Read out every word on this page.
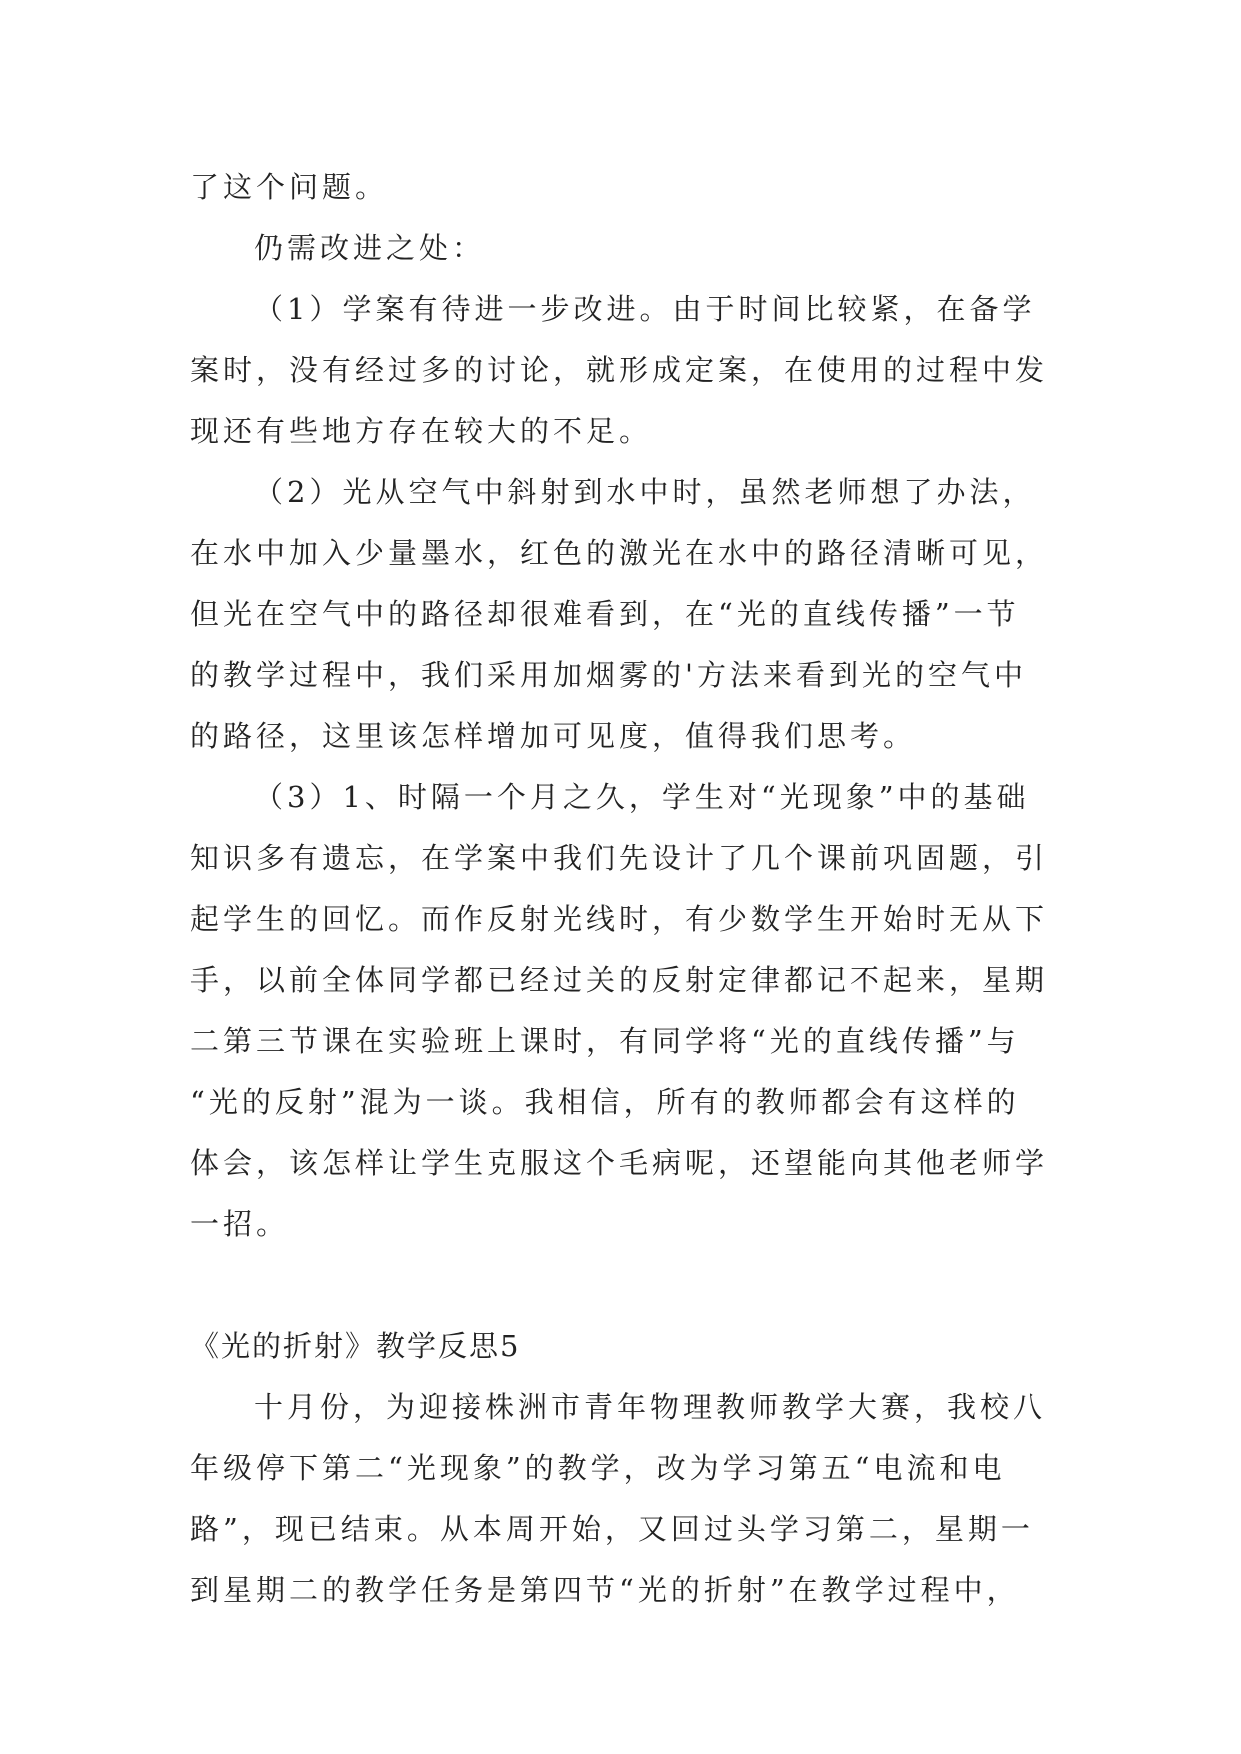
了这个问题。
仍需改进之处：
（1）学案有待进一步改进。由于时间比较紧，在备学
案时，没有经过多的讨论，就形成定案，在使用的过程中发
现还有些地方存在较大的不足。
（2）光从空气中斜射到水中时，虽然老师想了办法，
在水中加入少量墨水，红色的激光在水中的路径清晰可见，
但光在空气中的路径却很难看到，在“光的直线传播”一节
的教学过程中，我们采用加烟雾的'方法来看到光的空气中
的路径，这里该怎样增加可见度，值得我们思考。
（3）1、时隔一个月之久，学生对“光现象”中的基础
知识多有遗忘，在学案中我们先设计了几个课前巩固题，引
起学生的回忆。而作反射光线时，有少数学生开始时无从下
手，以前全体同学都已经过关的反射定律都记不起来，星期
二第三节课在实验班上课时，有同学将“光的直线传播”与
“光的反射”混为一谈。我相信，所有的教师都会有这样的
体会，该怎样让学生克服这个毛病呢，还望能向其他老师学
一招。
《光的折射》教学反思5
十月份，为迎接株洲市青年物理教师教学大赛，我校八
年级停下第二“光现象”的教学，改为学习第五“电流和电
路”，现已结束。从本周开始，又回过头学习第二，星期一
到星期二的教学任务是第四节“光的折射”在教学过程中，
